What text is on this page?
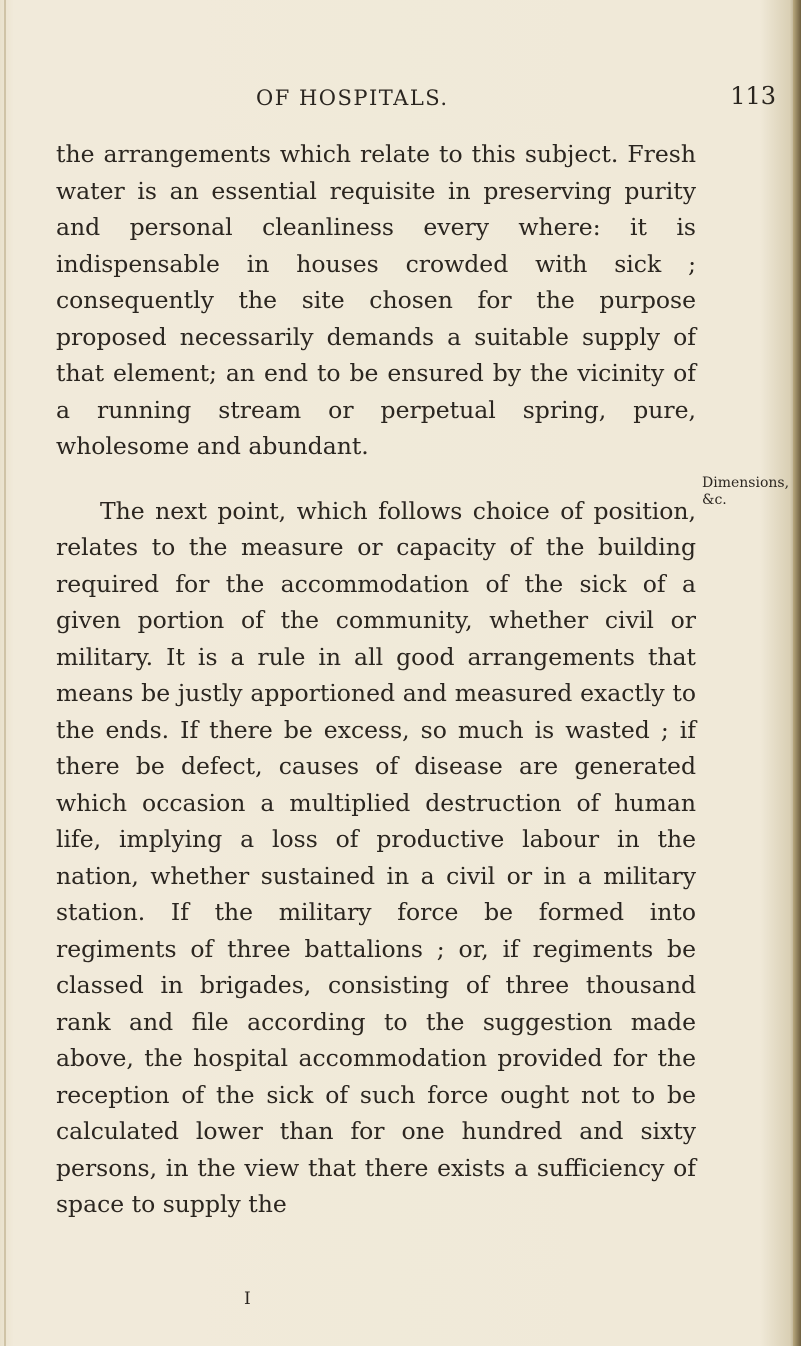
OF HOSPITALS.	113

the arrangements which relate to this subject. Fresh water is an essential requisite in preserving purity and personal cleanliness every where: it is indispensable in houses crowded with sick ; consequently the site chosen for the purpose proposed necessarily demands a suitable supply of that element; an end to be ensured by the vicinity of a running stream or perpetual spring, pure, wholesome and abundant.

The next point, which follows choice of position, relates to the measure or capacity of the building required for the accommodation of the sick of a given portion of the community, whether civil or military. It is a rule in all good arrangements that means be justly apportioned and measured exactly to the ends. If there be excess, so much is wasted ; if there be defect, causes of disease are generated which occasion a multiplied destruction of human life, implying a loss of productive labour in the nation, whether sustained in a civil or in a military station. If the military force be formed into regiments of three battalions ; or, if regiments be classed in brigades, consisting of three thousand rank and file according to the suggestion made above, the hospital accommodation provided for the reception of the sick of such force ought not to be calculated lower than for one hundred and sixty persons, in the view that there exists a sufficiency of space to supply the

Dimensions, &c.
I
